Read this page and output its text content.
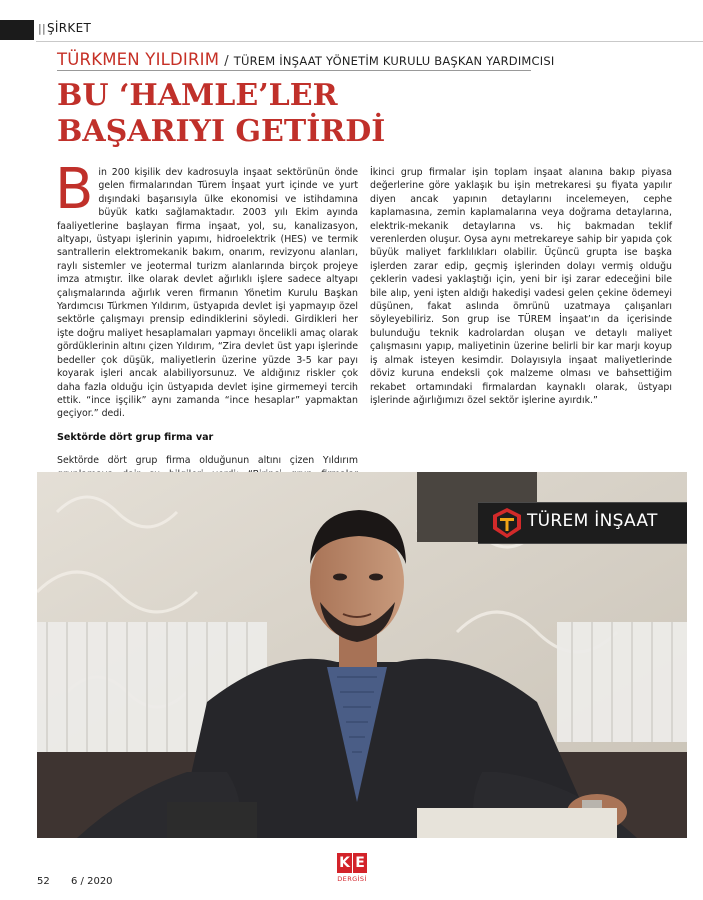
||ŞİRKET
TÜRKMEN YILDIRIM / TÜREM İNŞAAT YÖNETİM KURULU BAŞKAN YARDIMCISI
BU ‘HAMLE’LER
BAŞARIYI GETİRDİ
B in 200 kişilik dev kadrosuyla inşaat sektörünün önde gelen firmalarından Türem İnşaat yurt içinde ve yurt dışındaki başarısıyla ülke ekonomisi ve istihdamına büyük katkı sağlamaktadır. 2003 yılı Ekim ayında faaliyetlerine başlayan firma inşaat, yol, su, kanalizasyon, altyapı, üstyapı işlerinin yapımı, hidroelektrik (HES) ve termik santrallerin elektromekanik bakım, onarım, revizyonu alanları, raylı sistemler ve jeotermal turizm alanlarında birçok projeye imza atmıştır. İlke olarak devlet ağırlıklı işlere sadece altyapı çalışmalarında ağırlık veren firmanın Yönetim Kurulu Başkan Yardımcısı Türkmen Yıldırım, üstyapıda devlet işi yapmayıp özel sektörle çalışmayı prensip edindiklerini söyledi. Girdikleri her işte doğru maliyet hesaplamaları yapmayı öncelikli amaç olarak gördüklerinin altını çizen Yıldırım, “Zira devlet üst yapı işlerinde bedeller çok düşük, maliyetlerin üzerine yüzde 3-5 kar payı koyarak işleri ancak alabiliyorsunuz. Ve aldığınız riskler çok daha fazla olduğu için üstyapıda devlet işine girmemeyi tercih ettik. “ince işçilik” aynı zamanda “ince hesaplar” yapmaktan geçiyor.” dedi.

Sektörde dört grup firma var

Sektörde dört grup firma olduğunun altını çizen Yıldırım

İkinci grup firmalar işin toplam inşaat alanına bakıp piyasa değerlerine göre yaklaşık bu işin metrekaresi şu fiyata yapılır diyen ancak yapının detaylarını incelemeyen, cephe kaplamasına, zemin kaplamalarına veya doğrama detaylarına, elektrik-mekanik detaylarına vs. hiç bakmadan teklif verenlerden oluşur. Oysa aynı metrekareye sahip bir yapıda çok büyük maliyet farklılıkları olabilir. Üçüncü grupta ise başka işlerden zarar edip, geçmiş işlerinden dolayı vermiş olduğu çeklerin vadesi yaklaştığı için, yeni bir işi zarar edeceğini bile bile alıp, yeni işten aldığı hakedişi vadesi gelen çekine ödemeyi düşünen, fakat aslında ömrünü uzatmaya çalışanları söyleyebiliriz. Son grup ise TÜREM İnşaat’ın da içerisinde bulunduğu teknik kadrolardan oluşan ve detaylı maliyet çalışmasını yapıp, maliyetinin üzerine belirli bir kar marjı koyup iş almak isteyen kesimdir. Dolayısıyla inşaat maliyetlerinde döviz kuruna endeksli çok malzeme olması ve bahsettiğim rekabet ortamındaki firmalardan kaynaklı olarak, üstyapı işlerinde ağırlığımızı özel sektör işlerine ayırdık.”

TÜREM İNŞAAT
52 6 / 2020
K E
DERGİSİ
